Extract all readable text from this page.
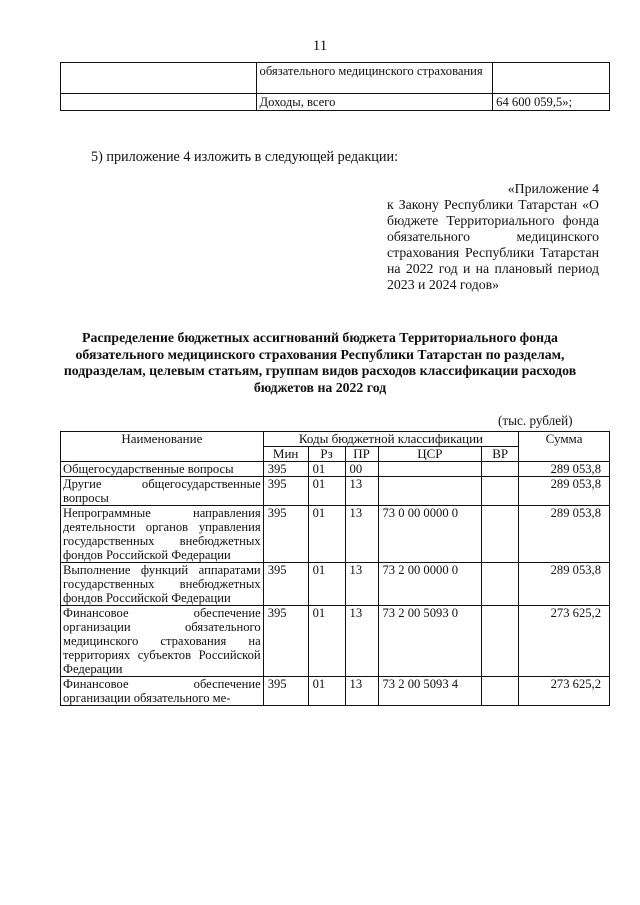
11
	обязательного медицинского страхования	
	Доходы, всего	64 600 059,5»;
5) приложение 4 изложить в следующей редакции:
«Приложение 4
к Закону Республики Татарстан «О бюджете Территориального фонда обязательного медицинского страхования Республики Татарстан на 2022 год и на плановый период 2023 и 2024 годов»
Распределение бюджетных ассигнований бюджета Территориального фонда обязательного медицинского страхования Республики Татарстан по разделам, подразделам, целевым статьям, группам видов расходов классификации расходов бюджетов на 2022 год
(тыс. рублей)
Наименование	Коды бюджетной классификации					Сумма
	Мин	Рз	ПР	ЦСР	ВР	
Общегосударственные вопросы	395	01	00			289 053,8
Другие общегосударственные вопросы	395	01	13			289 053,8
Непрограммные направления деятельности органов управления государственных внебюджетных фондов Российской Федерации	395	01	13	73 0 00 0000 0		289 053,8
Выполнение функций аппаратами государственных внебюджетных фондов Российской Федерации	395	01	13	73 2 00 0000 0		289 053,8
Финансовое обеспечение организации обязательного медицинского страхования на территориях субъектов Российской Федерации	395	01	13	73 2 00 5093 0		273 625,2
Финансовое обеспечение организации обязательного ме-	395	01	13	73 2 00 5093 4		273 625,2
